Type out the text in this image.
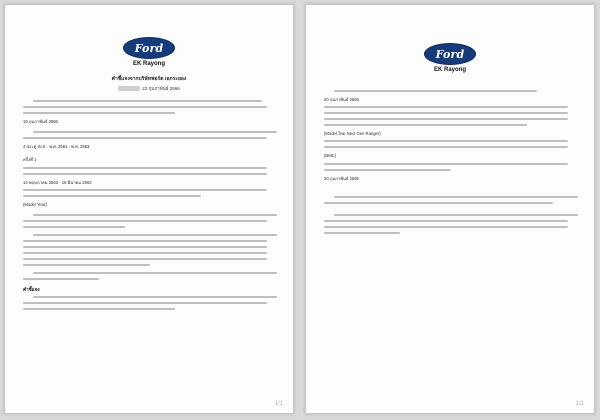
Ford
EK Rayong
คำชี้แจงจากบริษัทฟอร์ด เอกระยอง
22 กุมภาพันธ์ 2566
19 กุมภาพันธ์ 2566
4 ประตู XLS · พ.ศ. 2561 · พ.ศ. 2563
ครั้งที่ 1
14 พฤษภาคม 2563 · 16 มีนาคม 2563
(Model Year)
คำชี้แจง
1/1
Ford
EK Rayong
20 กุมภาพันธ์ 2566
(Model ใหม่ Next Gen Ranger)
(BMC)
20 กุมภาพันธ์ 2566
1/1
